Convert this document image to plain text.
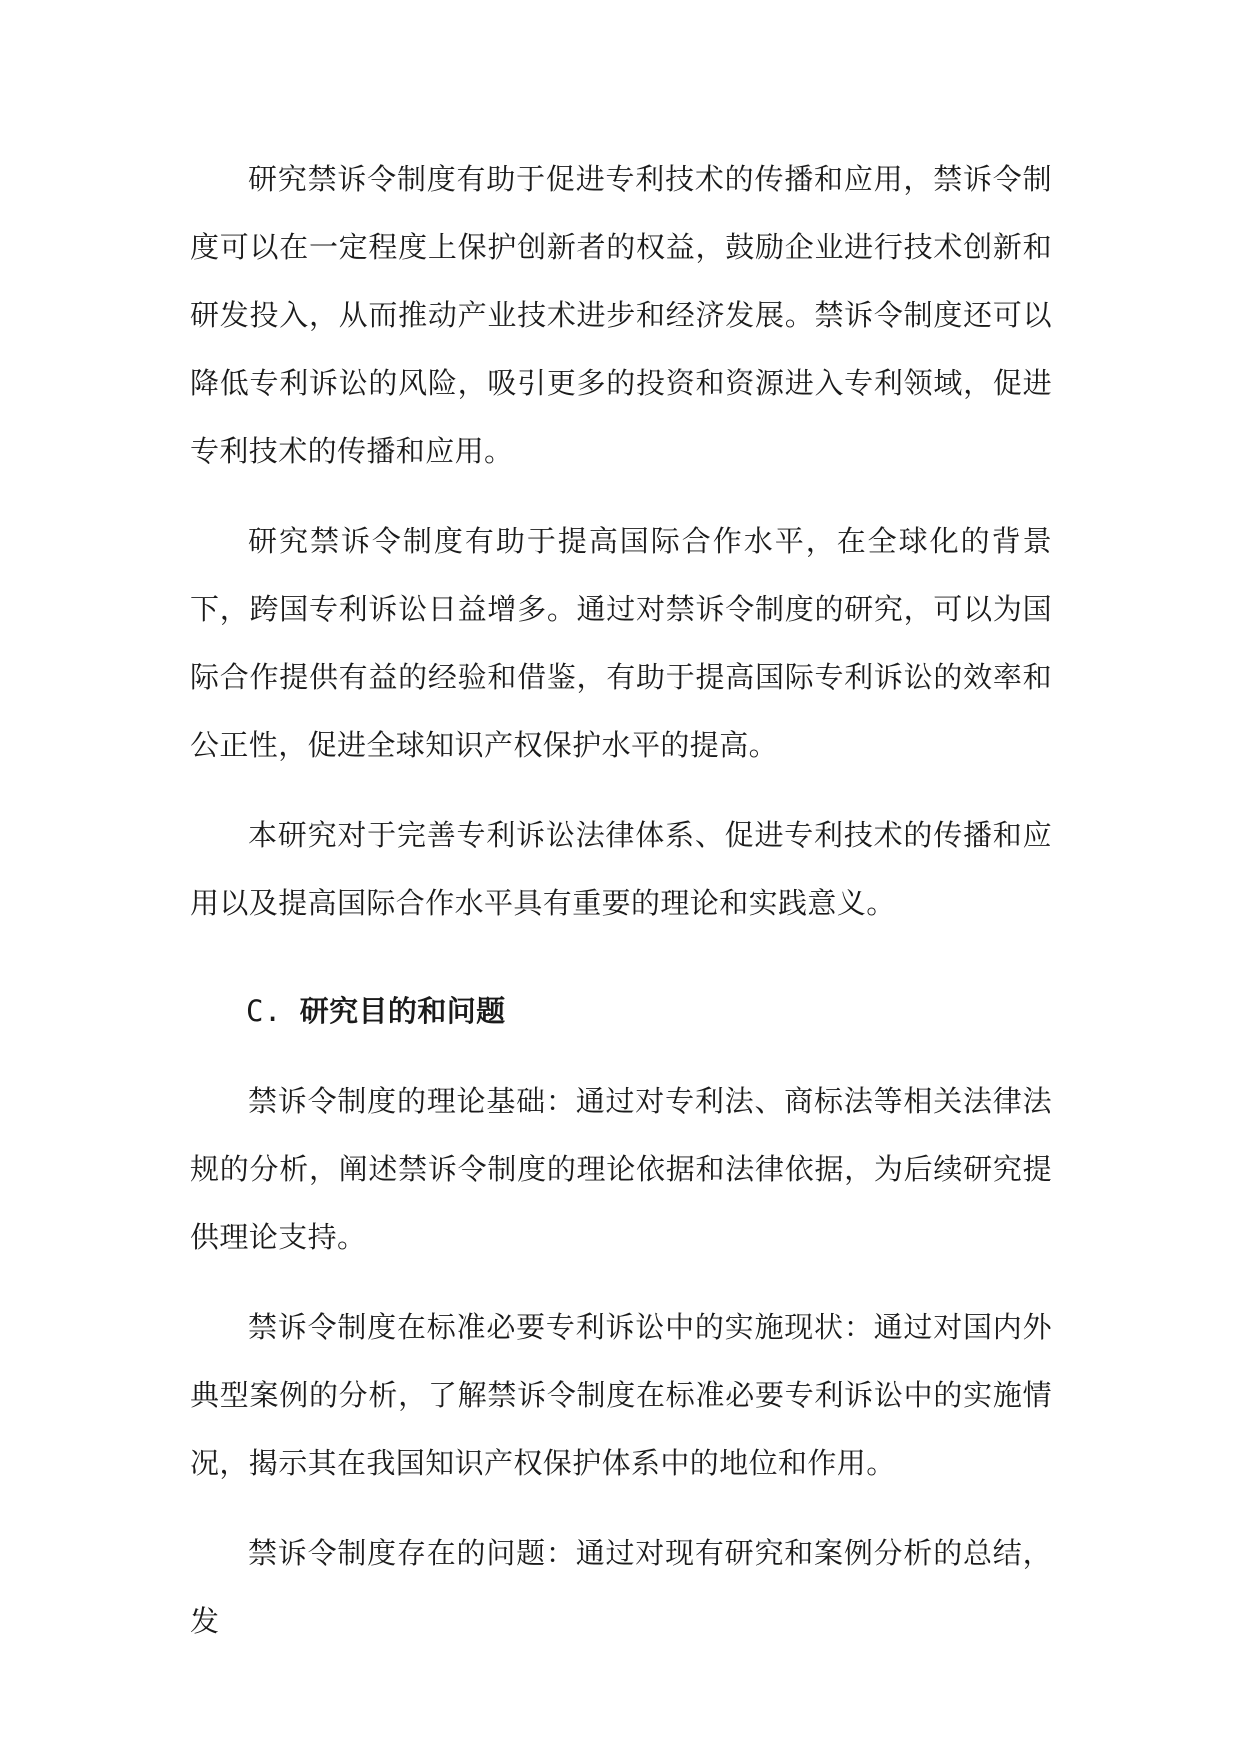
研究禁诉令制度有助于促进专利技术的传播和应用，禁诉令制度可以在一定程度上保护创新者的权益，鼓励企业进行技术创新和研发投入，从而推动产业技术进步和经济发展。禁诉令制度还可以降低专利诉讼的风险，吸引更多的投资和资源进入专利领域，促进专利技术的传播和应用。

研究禁诉令制度有助于提高国际合作水平，在全球化的背景下，跨国专利诉讼日益增多。通过对禁诉令制度的研究，可以为国际合作提供有益的经验和借鉴，有助于提高国际专利诉讼的效率和公正性，促进全球知识产权保护水平的提高。

本研究对于完善专利诉讼法律体系、促进专利技术的传播和应用以及提高国际合作水平具有重要的理论和实践意义。

C. 研究目的和问题

禁诉令制度的理论基础：通过对专利法、商标法等相关法律法规的分析，阐述禁诉令制度的理论依据和法律依据，为后续研究提供理论支持。

禁诉令制度在标准必要专利诉讼中的实施现状：通过对国内外典型案例的分析，了解禁诉令制度在标准必要专利诉讼中的实施情况，揭示其在我国知识产权保护体系中的地位和作用。

禁诉令制度存在的问题：通过对现有研究和案例分析的总结，发
